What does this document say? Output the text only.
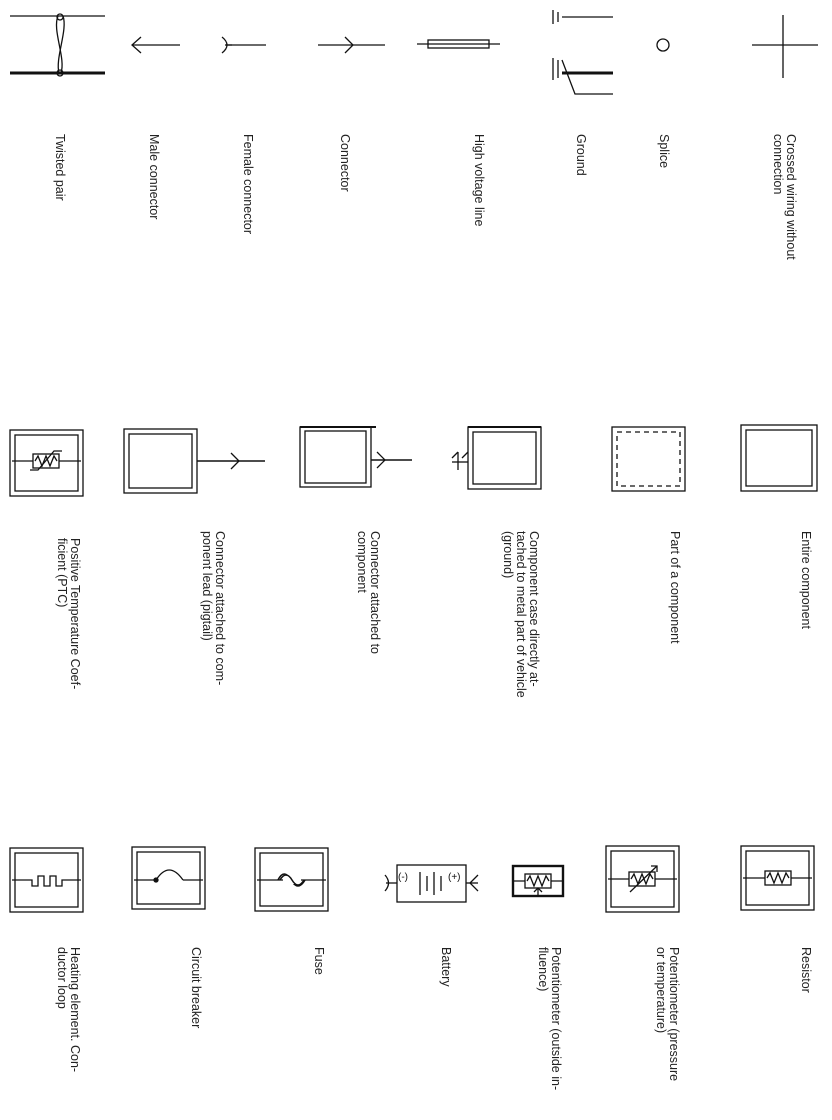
(-)	(+)
Twisted pair	Male connector	Female connector	Connector	High voltage line	Ground	Splice	Crossed wiring without
connection
Positive Temperature Coef-
ficient (PTC)	Connector attached to com-
ponent lead (pigtail)	Connector attached to
component	Component case directly at-
tached to metal part of vehicle
(ground)	Part of a component	Entire component
Heating element. Con-
ductor loop	Circuit breaker	Fuse	Battery	Potentiometer (outside in-
fluence)	Potentiometer (pressure
or temperature)	Resistor
